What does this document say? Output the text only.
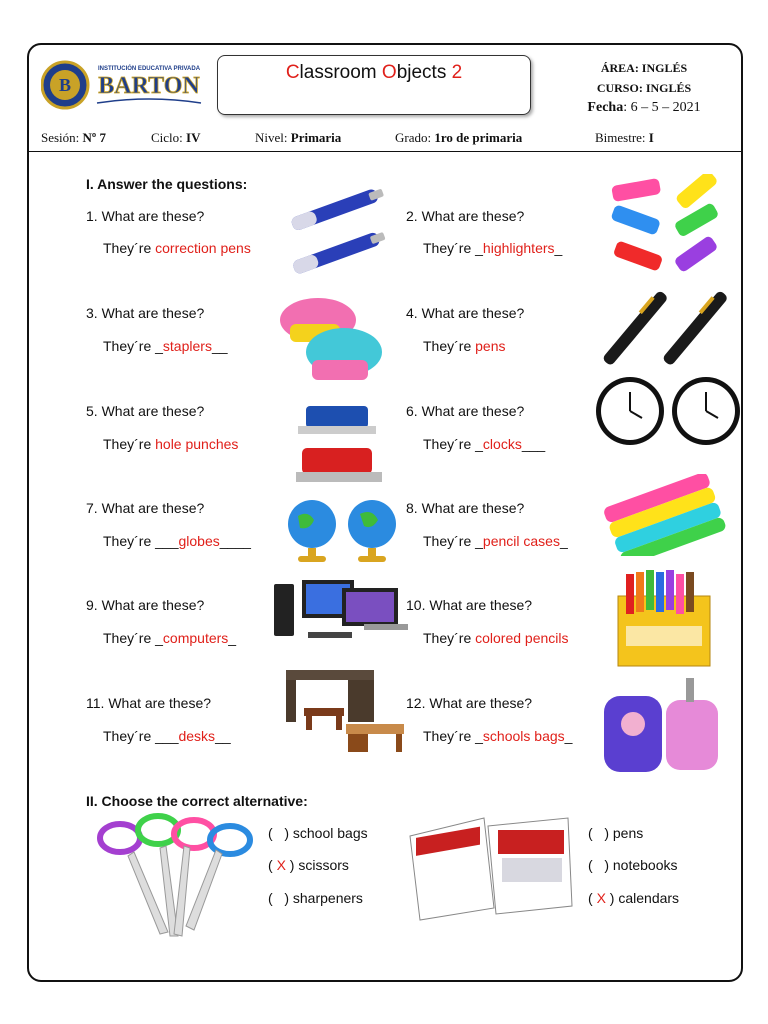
B
INSTITUCIÓN EDUCATIVA PRIVADA
BARTON
Classroom Objects 2	ÁREA: INGLÉS
CURSO: INGLÉS
Fecha: 6 – 5 – 2021
Sesión: Nº 7	Ciclo: IV	Nivel: Primaria	Grado: 1ro de primaria	Bimestre: I
I. Answer the questions:
1. What are these?
They´re correction pens
2. What are these?
They´re _highlighters_
3. What are these?
They´re _staplers__
4. What are these?
They´re pens
5. What are these?
They´re hole punches
6. What are these?
They´re _clocks___
7. What are these?
They´re ___globes____
8. What are these?
They´re _pencil cases_
9. What are these?
They´re _computers_
10. What are these?
They´re colored pencils
11. What are these?
They´re ___desks__
12. What are these?
They´re _schools bags_
II. Choose the correct alternative:
(   ) school bags
( X ) scissors
(   ) sharpeners
(   ) pens
(   ) notebooks
( X ) calendars
